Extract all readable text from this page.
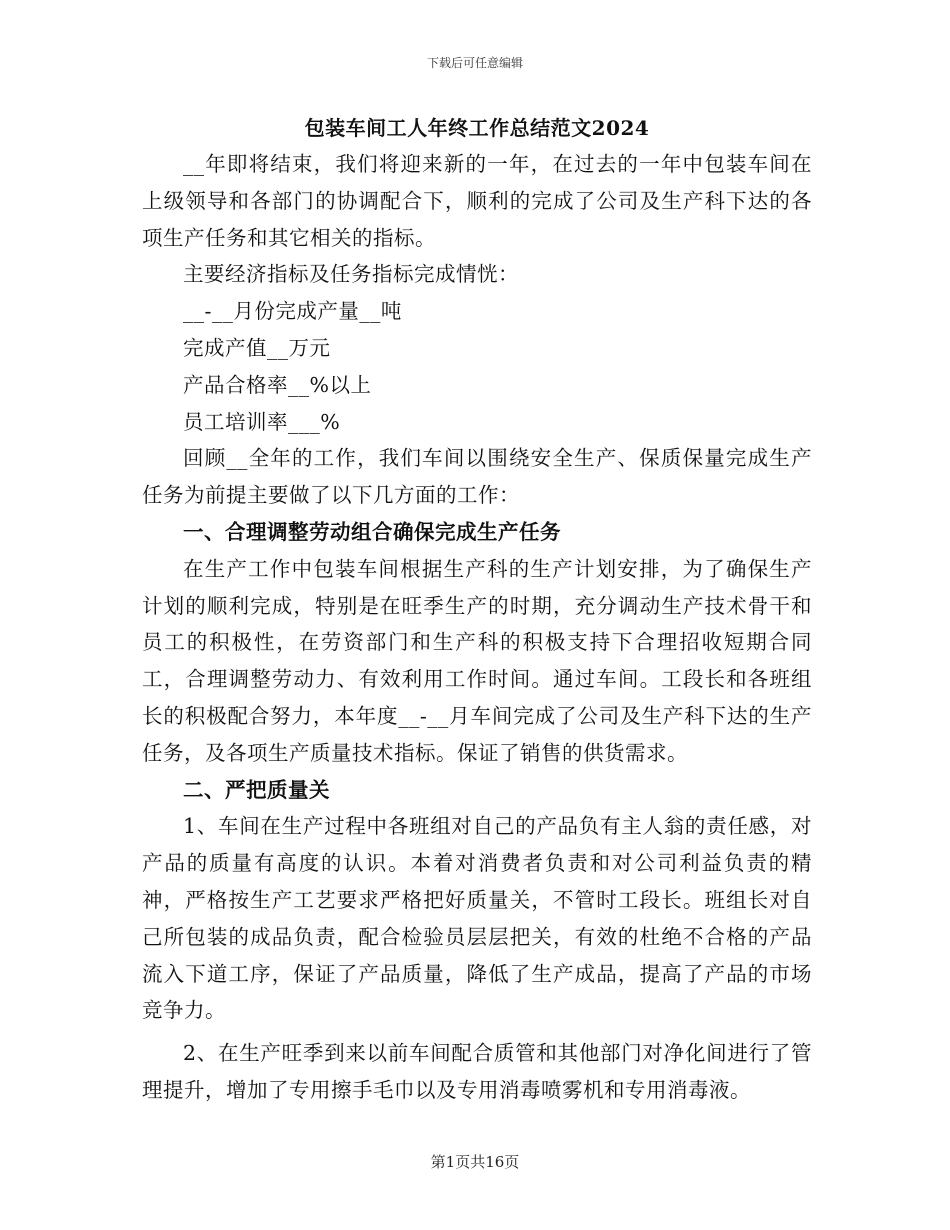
下载后可任意编辑
包装车间工人年终工作总结范文2024

__年即将结束，我们将迎来新的一年，在过去的一年中包装车间在上级领导和各部门的协调配合下，顺利的完成了公司及生产科下达的各项生产任务和其它相关的指标。

主要经济指标及任务指标完成情恍：

__-__月份完成产量__吨

完成产值__万元

产品合格率__%以上

员工培训率___%

回顾__全年的工作，我们车间以围绕安全生产、保质保量完成生产任务为前提主要做了以下几方面的工作：

一、合理调整劳动组合确保完成生产任务

在生产工作中包装车间根据生产科的生产计划安排，为了确保生产计划的顺利完成，特别是在旺季生产的时期，充分调动生产技术骨干和员工的积极性，在劳资部门和生产科的积极支持下合理招收短期合同工，合理调整劳动力、有效利用工作时间。通过车间。工段长和各班组长的积极配合努力，本年度__-__月车间完成了公司及生产科下达的生产任务，及各项生产质量技术指标。保证了销售的供货需求。

二、严把质量关

1、车间在生产过程中各班组对自己的产品负有主人翁的责任感，对产品的质量有高度的认识。本着对消费者负责和对公司利益负责的精神，严格按生产工艺要求严格把好质量关，不管时工段长。班组长对自己所包装的成品负责，配合检验员层层把关，有效的杜绝不合格的产品流入下道工序，保证了产品质量，降低了生产成品，提高了产品的市场竞争力。

2、在生产旺季到来以前车间配合质管和其他部门对净化间进行了管理提升，增加了专用擦手毛巾以及专用消毒喷雾机和专用消毒液。

第1页共16页
